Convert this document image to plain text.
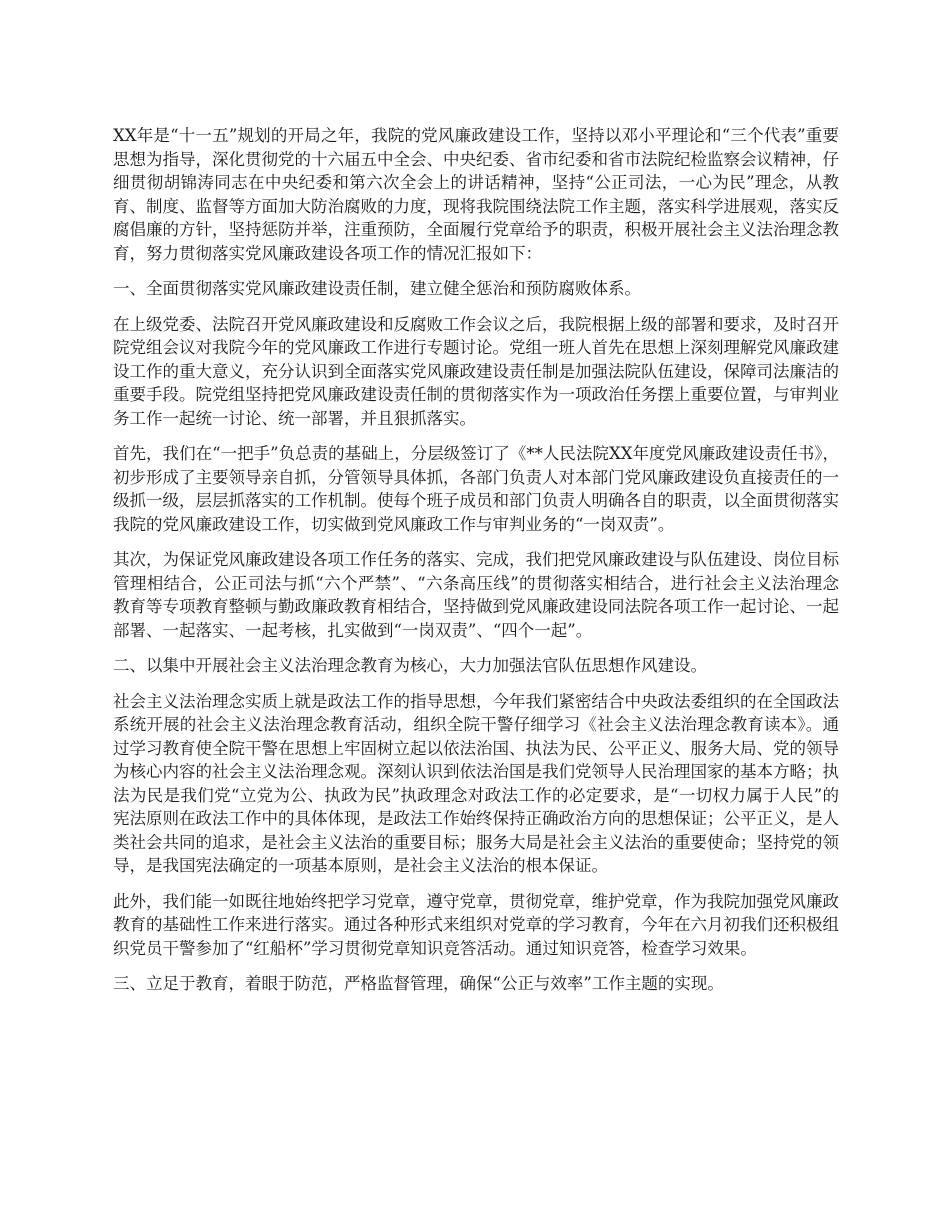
XX年是“十一五”规划的开局之年，我院的党风廉政建设工作，坚持以邓小平理论和“三个代表”重要思想为指导，深化贯彻党的十六届五中全会、中央纪委、省市纪委和省市法院纪检监察会议精神，仔细贯彻胡锦涛同志在中央纪委和第六次全会上的讲话精神，坚持“公正司法，一心为民”理念，从教育、制度、监督等方面加大防治腐败的力度，现将我院围绕法院工作主题，落实科学进展观，落实反腐倡廉的方针，坚持惩防并举，注重预防，全面履行党章给予的职责，积极开展社会主义法治理念教育，努力贯彻落实党风廉政建设各项工作的情况汇报如下：

一、全面贯彻落实党风廉政建设责任制，建立健全惩治和预防腐败体系。

在上级党委、法院召开党风廉政建设和反腐败工作会议之后，我院根据上级的部署和要求，及时召开院党组会议对我院今年的党风廉政工作进行专题讨论。党组一班人首先在思想上深刻理解党风廉政建设工作的重大意义，充分认识到全面落实党风廉政建设责任制是加强法院队伍建设，保障司法廉洁的重要手段。院党组坚持把党风廉政建设责任制的贯彻落实作为一项政治任务摆上重要位置，与审判业务工作一起统一讨论、统一部署，并且狠抓落实。

首先，我们在“一把手”负总责的基础上，分层级签订了《**人民法院XX年度党风廉政建设责任书》，初步形成了主要领导亲自抓，分管领导具体抓，各部门负责人对本部门党风廉政建设负直接责任的一级抓一级，层层抓落实的工作机制。使每个班子成员和部门负责人明确各自的职责，以全面贯彻落实我院的党风廉政建设工作，切实做到党风廉政工作与审判业务的“一岗双责”。

其次，为保证党风廉政建设各项工作任务的落实、完成，我们把党风廉政建设与队伍建设、岗位目标管理相结合，公正司法与抓“六个严禁”、“六条高压线”的贯彻落实相结合，进行社会主义法治理念教育等专项教育整顿与勤政廉政教育相结合，坚持做到党风廉政建设同法院各项工作一起讨论、一起部署、一起落实、一起考核，扎实做到“一岗双责”、“四个一起”。

二、以集中开展社会主义法治理念教育为核心，大力加强法官队伍思想作风建设。

社会主义法治理念实质上就是政法工作的指导思想，今年我们紧密结合中央政法委组织的在全国政法系统开展的社会主义法治理念教育活动，组织全院干警仔细学习《社会主义法治理念教育读本》。通过学习教育使全院干警在思想上牢固树立起以依法治国、执法为民、公平正义、服务大局、党的领导为核心内容的社会主义法治理念观。深刻认识到依法治国是我们党领导人民治理国家的基本方略；执法为民是我们党“立党为公、执政为民”执政理念对政法工作的必定要求，是“一切权力属于人民”的宪法原则在政法工作中的具体体现，是政法工作始终保持正确政治方向的思想保证；公平正义，是人类社会共同的追求，是社会主义法治的重要目标；服务大局是社会主义法治的重要使命；坚持党的领导，是我国宪法确定的一项基本原则，是社会主义法治的根本保证。

此外，我们能一如既往地始终把学习党章，遵守党章，贯彻党章，维护党章，作为我院加强党风廉政教育的基础性工作来进行落实。通过各种形式来组织对党章的学习教育，今年在六月初我们还积极组织党员干警参加了“红船杯”学习贯彻党章知识竞答活动。通过知识竞答，检查学习效果。

三、立足于教育，着眼于防范，严格监督管理，确保“公正与效率”工作主题的实现。
